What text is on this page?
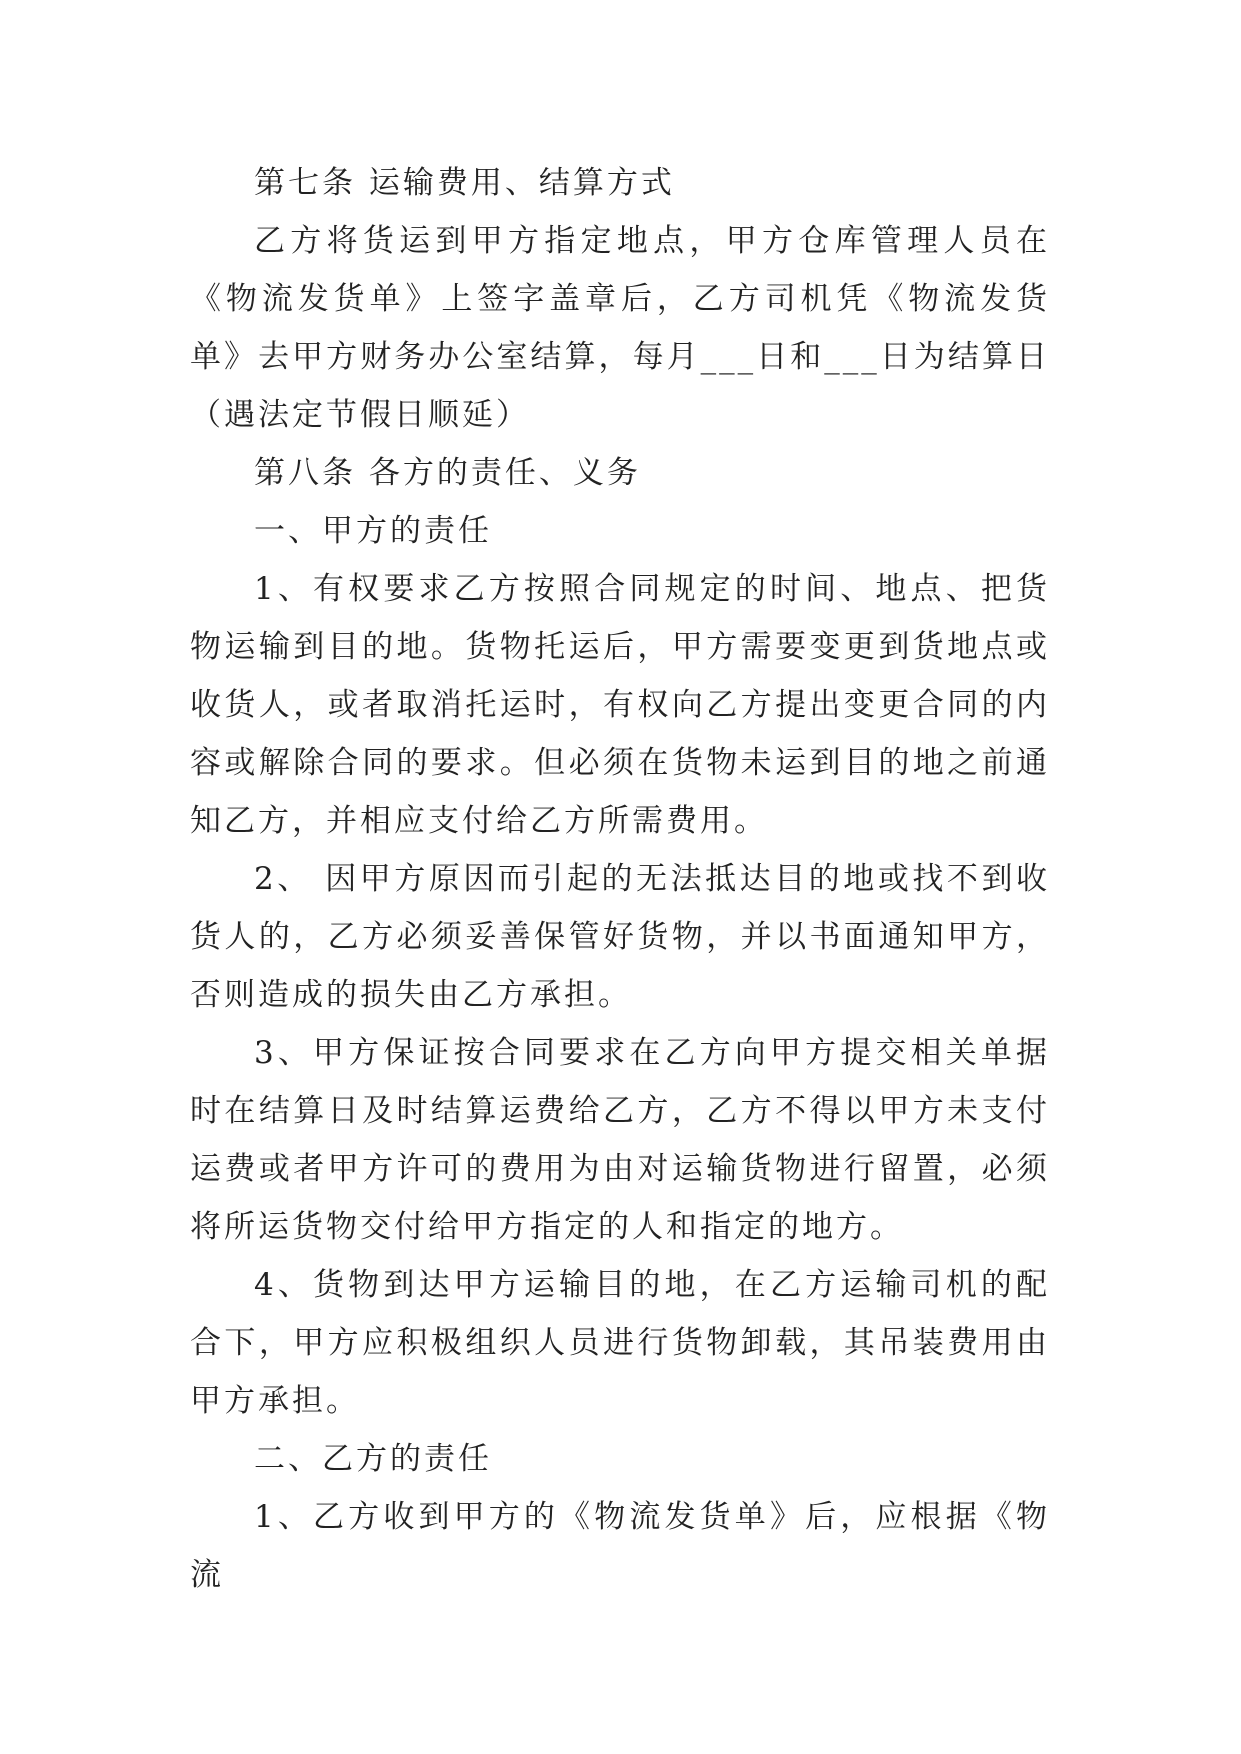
第七条 运输费用、结算方式

乙方将货运到甲方指定地点，甲方仓库管理人员在《物流发货单》上签字盖章后，乙方司机凭《物流发货单》去甲方财务办公室结算，每月___日和___日为结算日（遇法定节假日顺延）

第八条 各方的责任、义务

一、甲方的责任

1、有权要求乙方按照合同规定的时间、地点、把货物运输到目的地。货物托运后，甲方需要变更到货地点或收货人，或者取消托运时，有权向乙方提出变更合同的内容或解除合同的要求。但必须在货物未运到目的地之前通知乙方，并相应支付给乙方所需费用。

2、 因甲方原因而引起的无法抵达目的地或找不到收货人的，乙方必须妥善保管好货物，并以书面通知甲方，否则造成的损失由乙方承担。

3、甲方保证按合同要求在乙方向甲方提交相关单据时在结算日及时结算运费给乙方，乙方不得以甲方未支付运费或者甲方许可的费用为由对运输货物进行留置，必须将所运货物交付给甲方指定的人和指定的地方。

4、货物到达甲方运输目的地，在乙方运输司机的配合下，甲方应积极组织人员进行货物卸载，其吊装费用由甲方承担。

二、乙方的责任

1、乙方收到甲方的《物流发货单》后，应根据《物流
